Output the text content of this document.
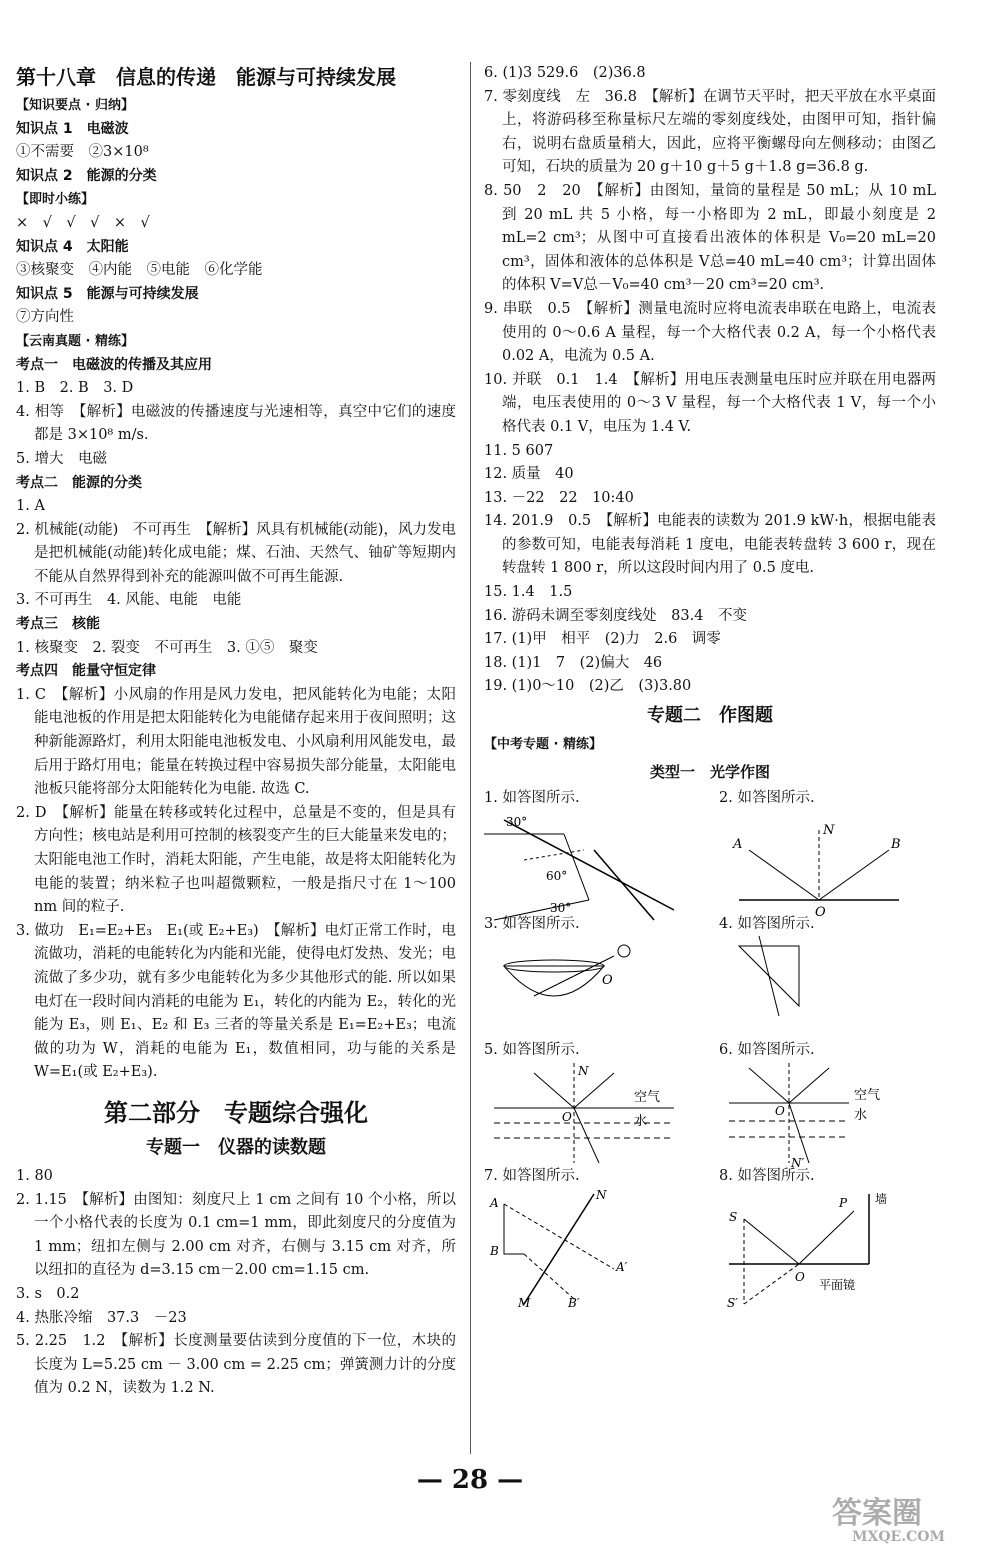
第十八章　信息的传递　能源与可持续发展
【知识要点 · 归纳】
知识点 1　电磁波

①不需要　②3×10⁸

知识点 2　能源的分类
【即时小练】

×　√　√　√　×　√

知识点 4　太阳能

③核聚变　④内能　⑤电能　⑥化学能

知识点 5　能源与可持续发展

⑦方向性

【云南真题 · 精练】
考点一　电磁波的传播及其应用

1. B　2. B　3. D

4. 相等　【解析】电磁波的传播速度与光速相等，真空中它们的速度都是 3×10⁸ m/s.

5. 增大　电磁

考点二　能源的分类

1. A

2. 机械能(动能)　不可再生　【解析】风具有机械能(动能)，风力发电是把机械能(动能)转化成电能；煤、石油、天然气、铀矿等短期内不能从自然界得到补充的能源叫做不可再生能源.

3. 不可再生　4. 风能、电能　电能

考点三　核能

1. 核聚变　2. 裂变　不可再生　3. ①⑤　聚变

考点四　能量守恒定律

1. C　【解析】小风扇的作用是风力发电，把风能转化为电能；太阳能电池板的作用是把太阳能转化为电能储存起来用于夜间照明；这种新能源路灯，利用太阳能电池板发电、小风扇利用风能发电，最后用于路灯用电；能量在转换过程中容易损失部分能量，太阳能电池板只能将部分太阳能转化为电能. 故选 C.

2. D　【解析】能量在转移或转化过程中，总量是不变的，但是具有方向性；核电站是利用可控制的核裂变产生的巨大能量来发电的；太阳能电池工作时，消耗太阳能，产生电能，故是将太阳能转化为电能的装置；纳米粒子也叫超微颗粒，一般是指尺寸在 1～100 nm 间的粒子.

3. 做功　E₁=E₂+E₃　E₁(或 E₂+E₃)　【解析】电灯正常工作时，电流做功，消耗的电能转化为内能和光能，使得电灯发热、发光；电流做了多少功，就有多少电能转化为多少其他形式的能. 所以如果电灯在一段时间内消耗的电能为 E₁，转化的内能为 E₂，转化的光能为 E₃，则 E₁、E₂ 和 E₃ 三者的等量关系是 E₁=E₂+E₃；电流做的功为 W，消耗的电能为 E₁，数值相同，功与能的关系是 W=E₁(或 E₂+E₃).

第二部分　专题综合强化
专题一　仪器的读数题

1. 80

2. 1.15　【解析】由图知：刻度尺上 1 cm 之间有 10 个小格，所以一个小格代表的长度为 0.1 cm=1 mm，即此刻度尺的分度值为 1 mm；纽扣左侧与 2.00 cm 对齐，右侧与 3.15 cm 对齐，所以纽扣的直径为 d=3.15 cm－2.00 cm=1.15 cm.

3. s　0.2

4. 热胀冷缩　37.3　－23

5. 2.25　1.2　【解析】长度测量要估读到分度值的下一位，木块的长度为 L=5.25 cm － 3.00 cm = 2.25 cm；弹簧测力计的分度值为 0.2 N，读数为 1.2 N.

6. (1)3 529.6　(2)36.8

7. 零刻度线　左　36.8　【解析】在调节天平时，把天平放在水平桌面上，将游码移至称量标尺左端的零刻度线处，由图甲可知，指针偏右，说明右盘质量稍大，因此，应将平衡螺母向左侧移动；由图乙可知，石块的质量为 20 g＋10 g＋5 g＋1.8 g=36.8 g.

8. 50　2　20　【解析】由图知，量筒的量程是 50 mL；从 10 mL 到 20 mL 共 5 小格，每一小格即为 2 mL，即最小刻度是 2 mL=2 cm³；从图中可直接看出液体的体积是 V₀=20 mL=20 cm³，固体和液体的总体积是 V总=40 mL=40 cm³；计算出固体的体积 V=V总－V₀=40 cm³－20 cm³=20 cm³.

9. 串联　0.5　【解析】测量电流时应将电流表串联在电路上，电流表使用的 0～0.6 A 量程，每一个大格代表 0.2 A，每一个小格代表 0.02 A，电流为 0.5 A.

10. 并联　0.1　1.4　【解析】用电压表测量电压时应并联在用电器两端，电压表使用的 0～3 V 量程，每一个大格代表 1 V，每一个小格代表 0.1 V，电压为 1.4 V.

11. 5 607

12. 质量　40

13. －22　22　10:40

14. 201.9　0.5　【解析】电能表的读数为 201.9 kW·h，根据电能表的参数可知，电能表每消耗 1 度电，电能表转盘转 3 600 r，现在转盘转 1 800 r，所以这段时间内用了 0.5 度电.

15. 1.4　1.5

16. 游码未调至零刻度线处　83.4　不变

17. (1)甲　相平　(2)力　2.6　调零

18. (1)1　7　(2)偏大　46

19. (1)0～10　(2)乙　(3)3.80

专题二　作图题
【中考专题 · 精练】
类型一　光学作图

1. 如答图所示.

30°
60°
30°

2. 如答图所示.

A	B
N
O

3. 如答图所示.

O

4. 如答图所示.

5. 如答图所示.

N
O
空气
水

6. 如答图所示.

O
N′
空气
水

7. 如答图所示.

A
B
N
A′
B′
M

8. 如答图所示.

S
P
O
S′
墙
平面镜
— 28 —
答案圈
MXQE.COM
